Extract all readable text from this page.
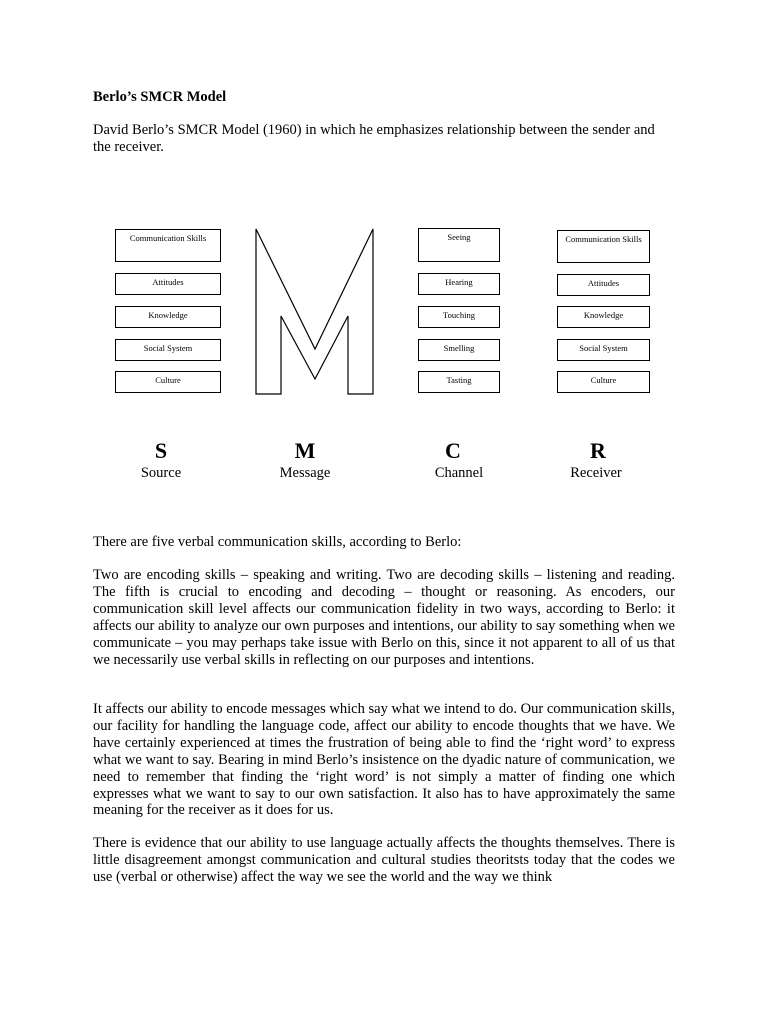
Berlo’s SMCR Model

David Berlo’s SMCR Model (1960) in which he emphasizes relationship between the sender and the receiver.

Communication Skills
Attitudes
Knowledge
Social System
Culture
Seeing
Hearing
Touching
Smelling
Tasting
Communication Skills
Attitudes
Knowledge
Social System
Culture
S
Source
M
Message
C
Channel
R
Receiver

There are five verbal communication skills, according to Berlo:

Two are encoding skills – speaking and writing. Two are decoding skills – listening and reading. The fifth is crucial to encoding and decoding – thought or reasoning. As encoders, our communication skill level affects our communication fidelity in two ways, according to Berlo: it affects our ability to analyze our own purposes and intentions, our ability to say something when we communicate – you may perhaps take issue with Berlo on this, since it not apparent to all of us that we necessarily use verbal skills in reflecting on our purposes and intentions.

It affects our ability to encode messages which say what we intend to do. Our communication skills, our facility for handling the language code, affect our ability to encode thoughts that we have. We have certainly experienced at times the frustration of being able to find the ‘right word’ to express what we want to say. Bearing in mind Berlo’s insistence on the dyadic nature of communication, we need to remember that finding the ‘right word’ is not simply a matter of finding one which expresses what we want to say to our own satisfaction. It also has to have approximately the same meaning for the receiver as it does for us.

There is evidence that our ability to use language actually affects the thoughts themselves. There is little disagreement amongst communication and cultural studies theoritsts today that the codes we use (verbal or otherwise) affect the way we see the world and the way we think
